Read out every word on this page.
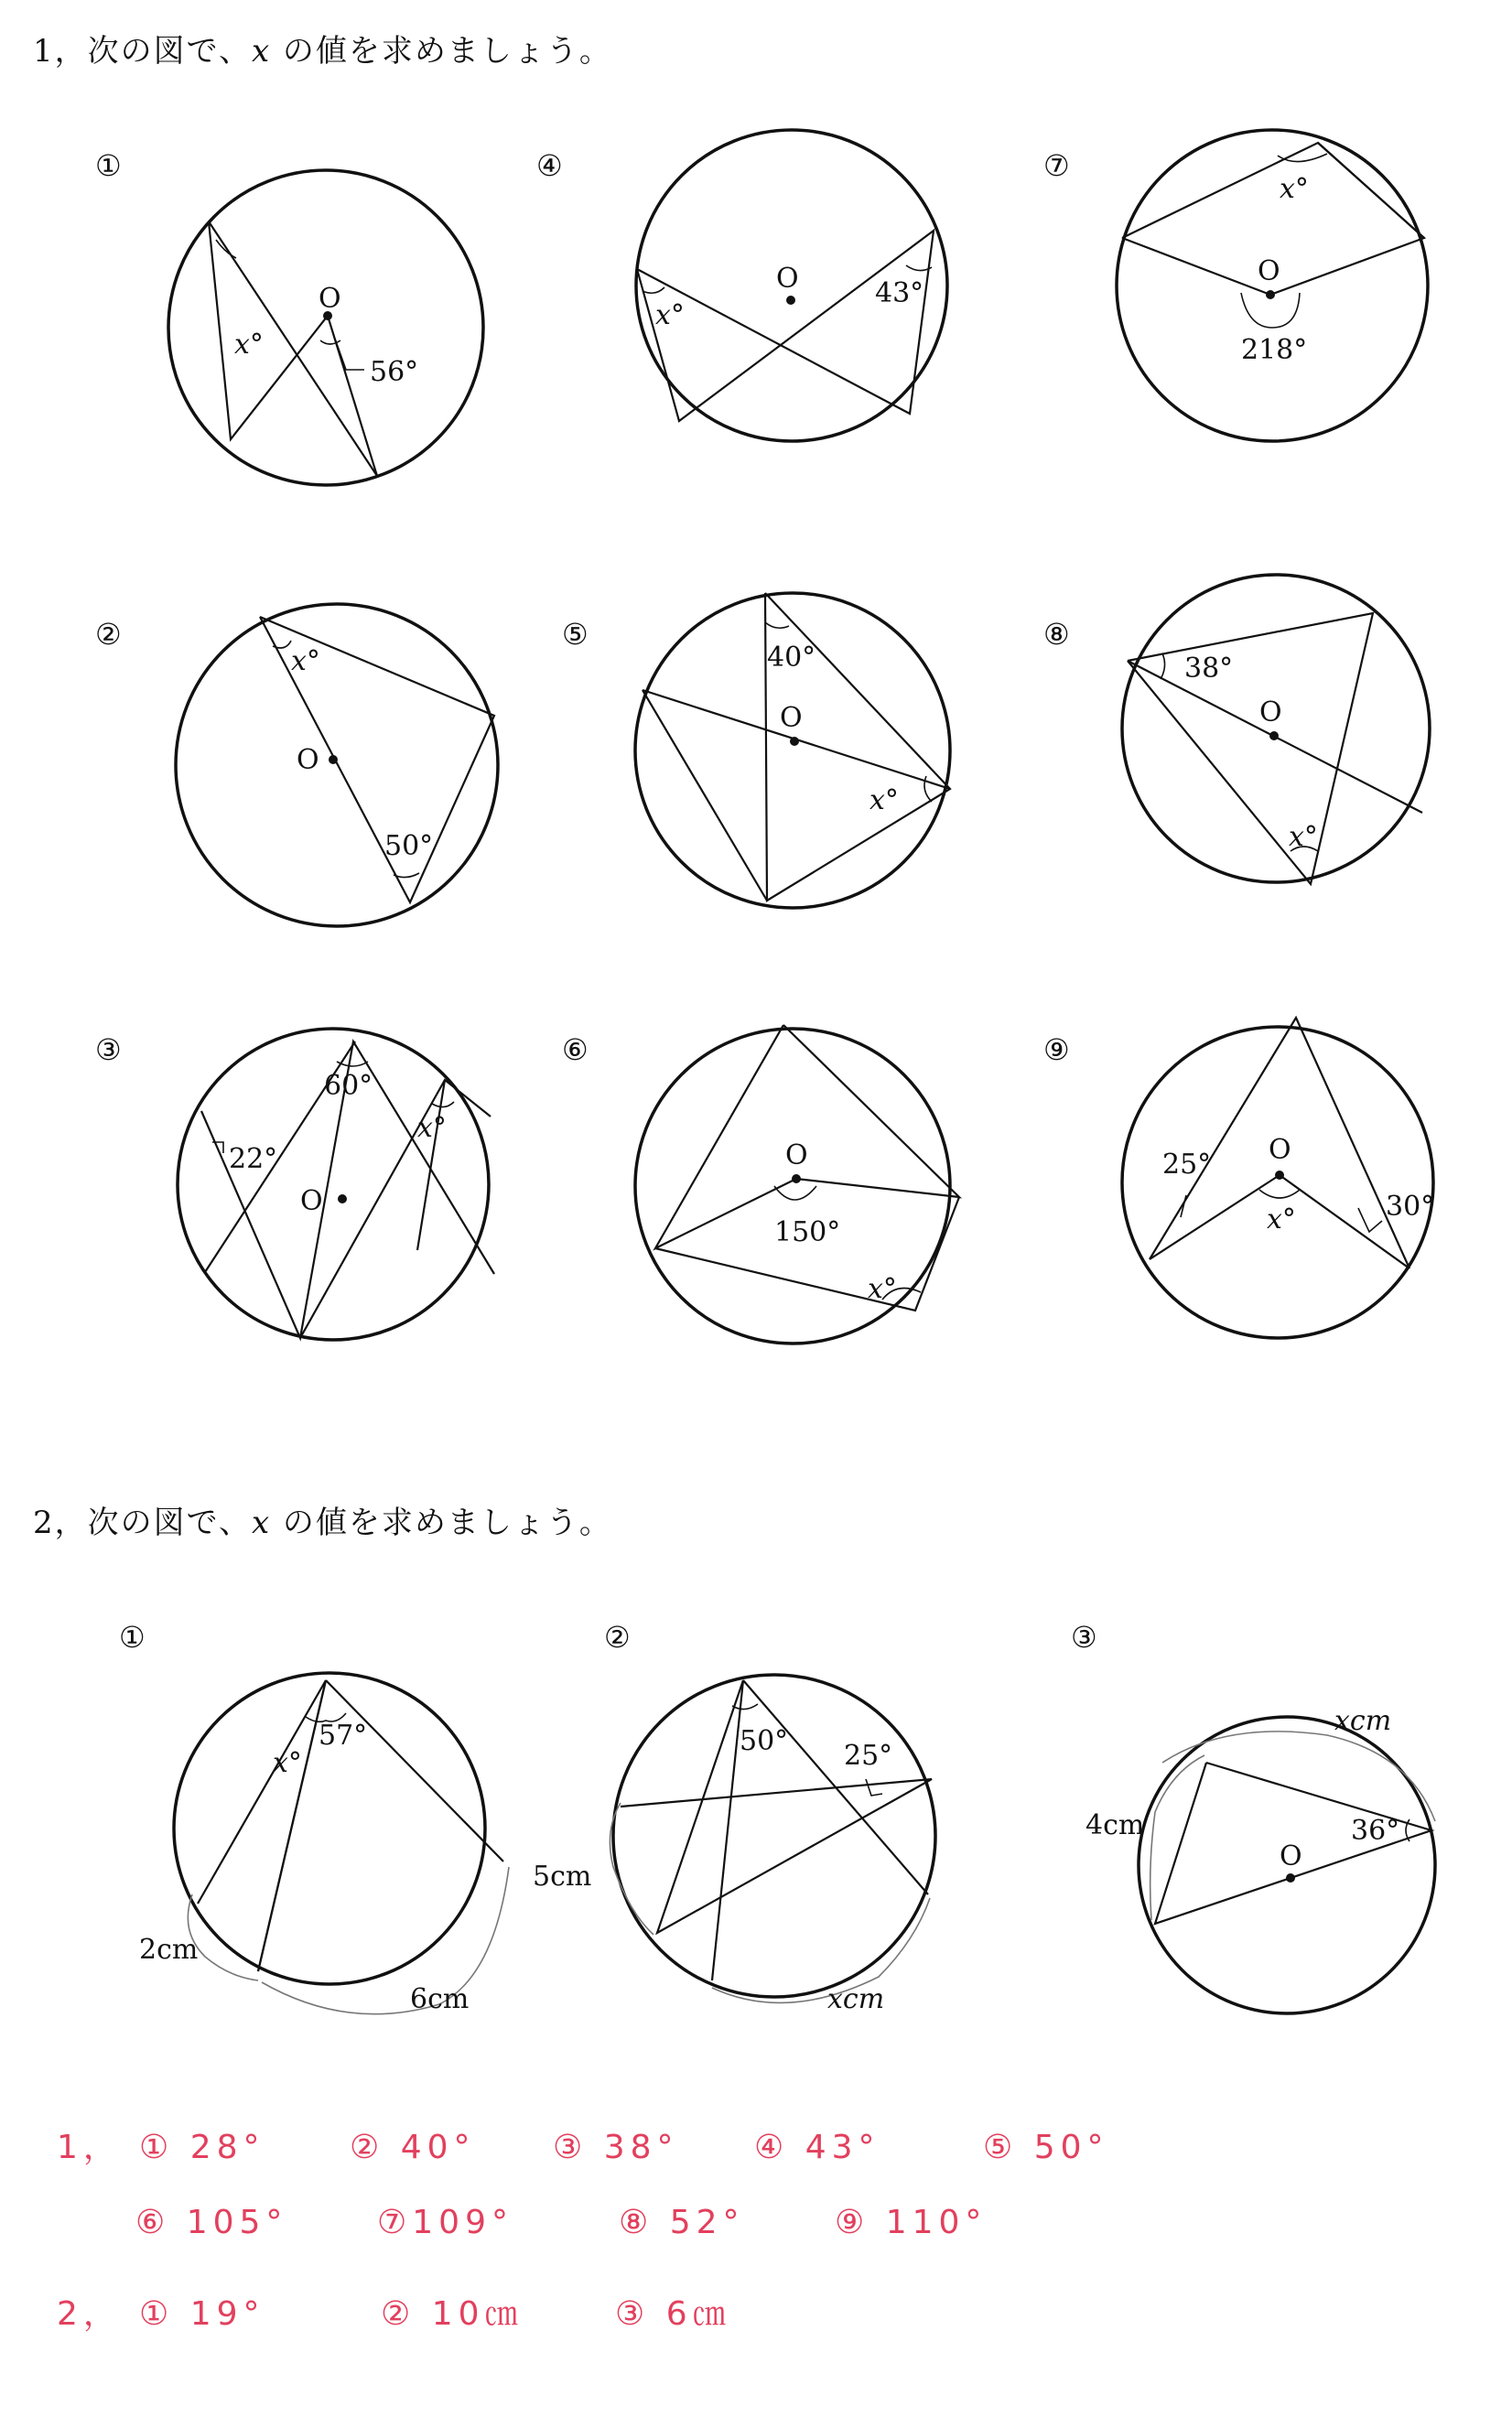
1，次の図で、𝑥 の値を求めましょう。
2，次の図で、𝑥 の値を求めましょう。
①
O
x°
56°
②
x°
O
50°
③
60°
22°
x°
O
④
O
x°
43°
⑤
40°
O
x°
⑥
O
150°
x°
⑦
x°
O
218°
⑧
38°
O
x°
⑨
O
25°
30°
x°
①
57°
x°
2cm
6cm
②
50° 25°
5cm
xcm
③
xcm
4cm	36°
O
1， ① 28°	② 40° ③ 38° ④ 43°	⑤ 50°
⑥ 105°	⑦109°	⑧ 52°	⑨ 110°
2， ① 19°	② 10㎝	③ 6㎝
